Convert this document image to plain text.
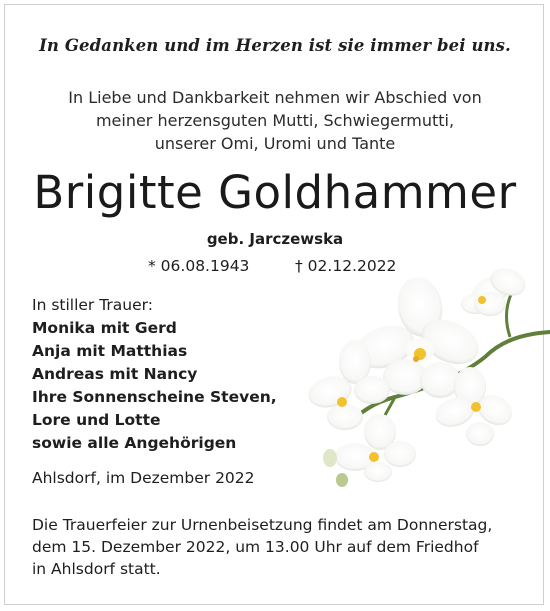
In Gedanken und im Herzen ist sie immer bei uns.
In Liebe und Dankbarkeit nehmen wir Abschied von
meiner herzensguten Mutti, Schwiegermutti,
unserer Omi, Uromi und Tante
Brigitte Goldhammer
geb. Jarczewska
* 06.08.1943	† 02.12.2022
In stiller Trauer:
Monika mit Gerd
Anja mit Matthias
Andreas mit Nancy
Ihre Sonnenscheine Steven,
Lore und Lotte
sowie alle Angehörigen
Ahlsdorf, im Dezember 2022
Die Trauerfeier zur Urnenbeisetzung findet am Donnerstag,
dem 15. Dezember 2022, um 13.00 Uhr auf dem Friedhof
in Ahlsdorf statt.
